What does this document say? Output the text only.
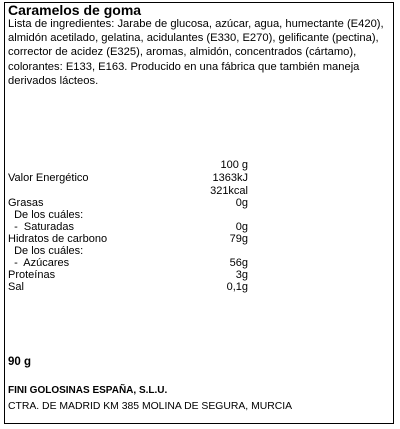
Caramelos de goma
Lista de ingredientes: Jarabe de glucosa, azúcar, agua, humectante (E420),
almidón acetilado, gelatina, acidulantes (E330, E270), gelificante (pectina),
corrector de acidez (E325), aromas, almidón, concentrados (cártamo),
colorantes: E133, E163. Producido en una fábrica que también maneja
derivados lácteos.
100 g
Valor Energético	1363kJ
321kcal
Grasas	0g
De los cuáles:
-  Saturadas	0g
Hidratos de carbono	79g
De los cuáles:
-  Azúcares	56g
Proteínas	3g
Sal	0,1g
90 g
FINI GOLOSINAS ESPAÑA, S.L.U.
CTRA. DE MADRID KM 385 MOLINA DE SEGURA, MURCIA
